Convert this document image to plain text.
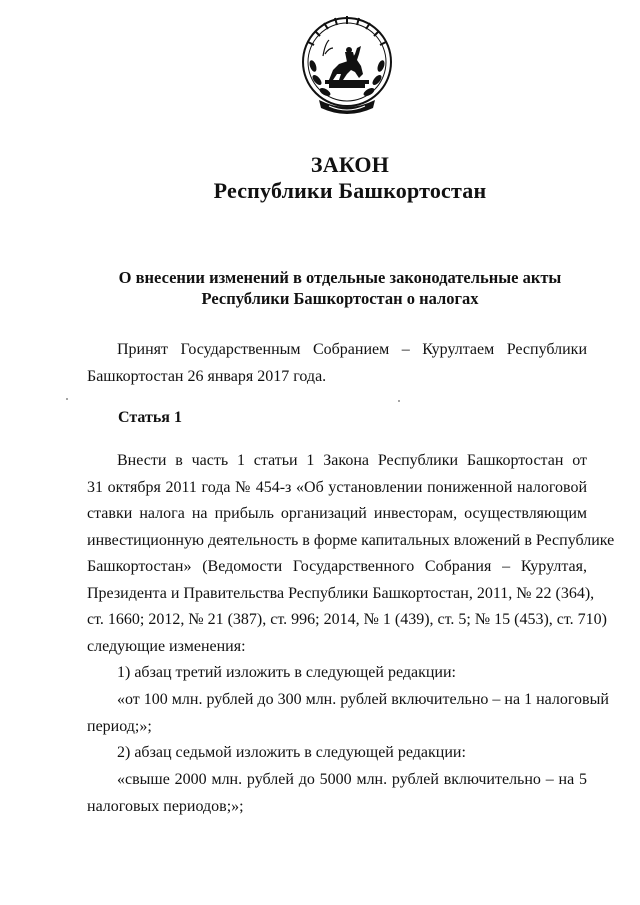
ЗАКОН
Республики Башкортостан
О внесении изменений в отдельные законодательные акты
Республики Башкортостан о налогах
Принят Государственным Собранием – Курултаем Республики
Башкортостан 26 января 2017 года.
Статья 1
Внести в часть 1 статьи 1 Закона Республики Башкортостан от
31 октября 2011 года № 454-з «Об установлении пониженной налоговой
ставки налога на прибыль организаций инвесторам, осуществляющим
инвестиционную деятельность в форме капитальных вложений в Республике
Башкортостан» (Ведомости Государственного Собрания – Курултая,
Президента и Правительства Республики Башкортостан, 2011, № 22 (364),
ст. 1660; 2012, № 21 (387), ст. 996; 2014, № 1 (439), ст. 5; № 15 (453), ст. 710)
следующие изменения:
1) абзац третий изложить в следующей редакции:
«от 100 млн. рублей до 300 млн. рублей включительно – на 1 налоговый
период;»;
2) абзац седьмой изложить в следующей редакции:
«свыше 2000 млн. рублей до 5000 млн. рублей включительно – на 5
налоговых периодов;»;
